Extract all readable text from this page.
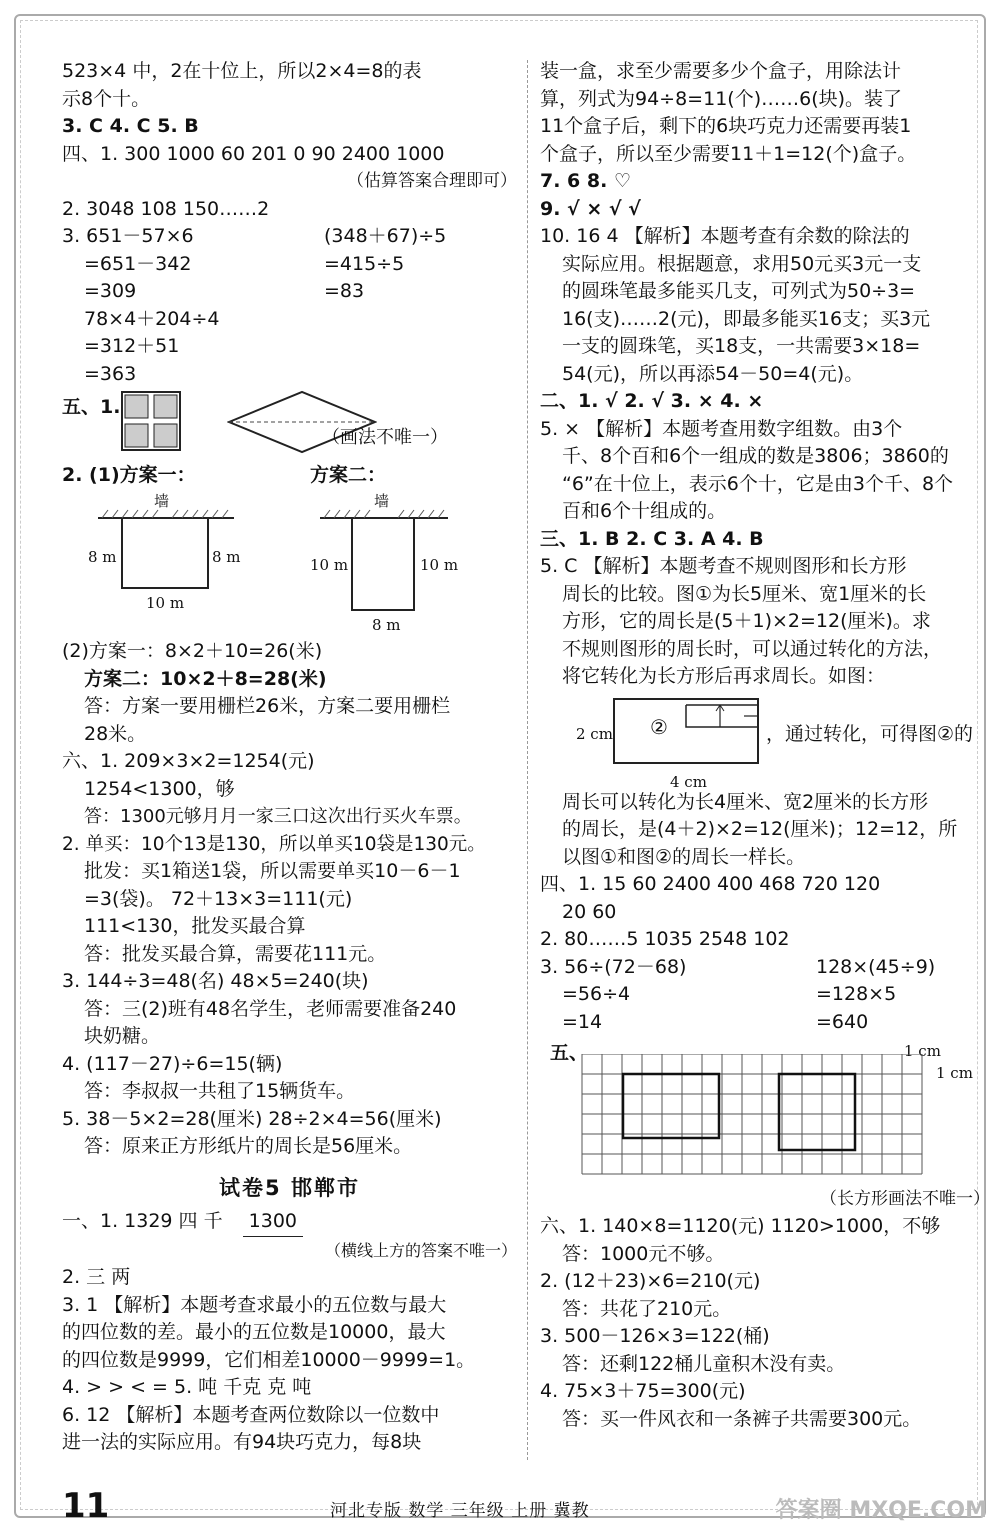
523×4 中，2在十位上，所以2×4=8的表
示8个十。
3. C 4. C 5. B
四、1. 300 1000 60 201 0 90 2400 1000
（估算答案合理即可）
2. 3048 108 150……2
3. 651－57×6
=651－342
=309
78×4＋204÷4
=312＋51
=363
(348＋67)÷5
=415÷5
=83
五、1.
（画法不唯一）
2. (1)方案一：	方案二：
墙	墙
8 m	8 m
10 m
10 m	10 m
8 m
(2)方案一：8×2＋10=26(米)
方案二：10×2＋8=28(米)
答：方案一要用栅栏26米，方案二要用栅栏
28米。
六、1. 209×3×2=1254(元)
1254<1300，够
答：1300元够月月一家三口这次出行买火车票。
2. 单买：10个13是130，所以单买10袋是130元。
批发：买1箱送1袋，所以需要单买10－6－1
=3(袋)。 72＋13×3=111(元)
111<130，批发买最合算
答：批发买最合算，需要花111元。
3. 144÷3=48(名) 48×5=240(块)
答：三(2)班有48名学生，老师需要准备240
块奶糖。
4. (117－27)÷6=15(辆)
答：李叔叔一共租了15辆货车。
5. 38－5×2=28(厘米) 28÷2×4=56(厘米)
答：原来正方形纸片的周长是56厘米。
试卷5 邯郸市
一、1. 1329 四 千 1300
（横线上方的答案不唯一）
2. 三 两
3. 1 【解析】本题考查求最小的五位数与最大
的四位数的差。最小的五位数是10000，最大
的四位数是9999，它们相差10000－9999=1。
4. > > < = 5. 吨 千克 克 吨
6. 12 【解析】本题考查两位数除以一位数中
进一法的实际应用。有94块巧克力，每8块
装一盒，求至少需要多少个盒子，用除法计
算，列式为94÷8=11(个)……6(块)。装了
11个盒子后，剩下的6块巧克力还需要再装1
个盒子，所以至少需要11＋1=12(个)盒子。
7. 6 8. ♡
9. √ × √ √
10. 16 4 【解析】本题考查有余数的除法的
实际应用。根据题意，求用50元买3元一支
的圆珠笔最多能买几支，可列式为50÷3=
16(支)……2(元)，即最多能买16支；买3元
一支的圆珠笔，买18支，一共需要3×18=
54(元)，所以再添54－50=4(元)。
二、1. √ 2. √ 3. × 4. ×
5. × 【解析】本题考查用数字组数。由3个
千、8个百和6个一组成的数是3806；3860的
“6”在十位上，表示6个十，它是由3个千、8个
百和6个十组成的。
三、1. B 2. C 3. A 4. B
5. C 【解析】本题考查不规则图形和长方形
周长的比较。图①为长5厘米、宽1厘米的长
方形，它的周长是(5＋1)×2=12(厘米)。求
不规则图形的周长时，可以通过转化的方法，
将它转化为长方形后再求周长。如图：
2 cm ②
4 cm
，通过转化，可得图②的
周长可以转化为长4厘米、宽2厘米的长方形
的周长，是(4＋2)×2=12(厘米)；12=12，所
以图①和图②的周长一样长。
四、1. 15 60 2400 400 468 720 120
20 60
2. 80……5 1035 2548 102
3. 56÷(72－68)
=56÷4
=14
128×(45÷9)
=128×5
=640
五、	1 cm
1 cm
（长方形画法不唯一）
六、1. 140×8=1120(元) 1120>1000，不够
答：1000元不够。
2. (12＋23)×6=210(元)
答：共花了210元。
3. 500－126×3=122(桶)
答：还剩122桶儿童积木没有卖。
4. 75×3＋75=300(元)
答：买一件风衣和一条裤子共需要300元。
11	河北专版 数学 三年级 上册 冀教	答案圈 MXQE.COM
